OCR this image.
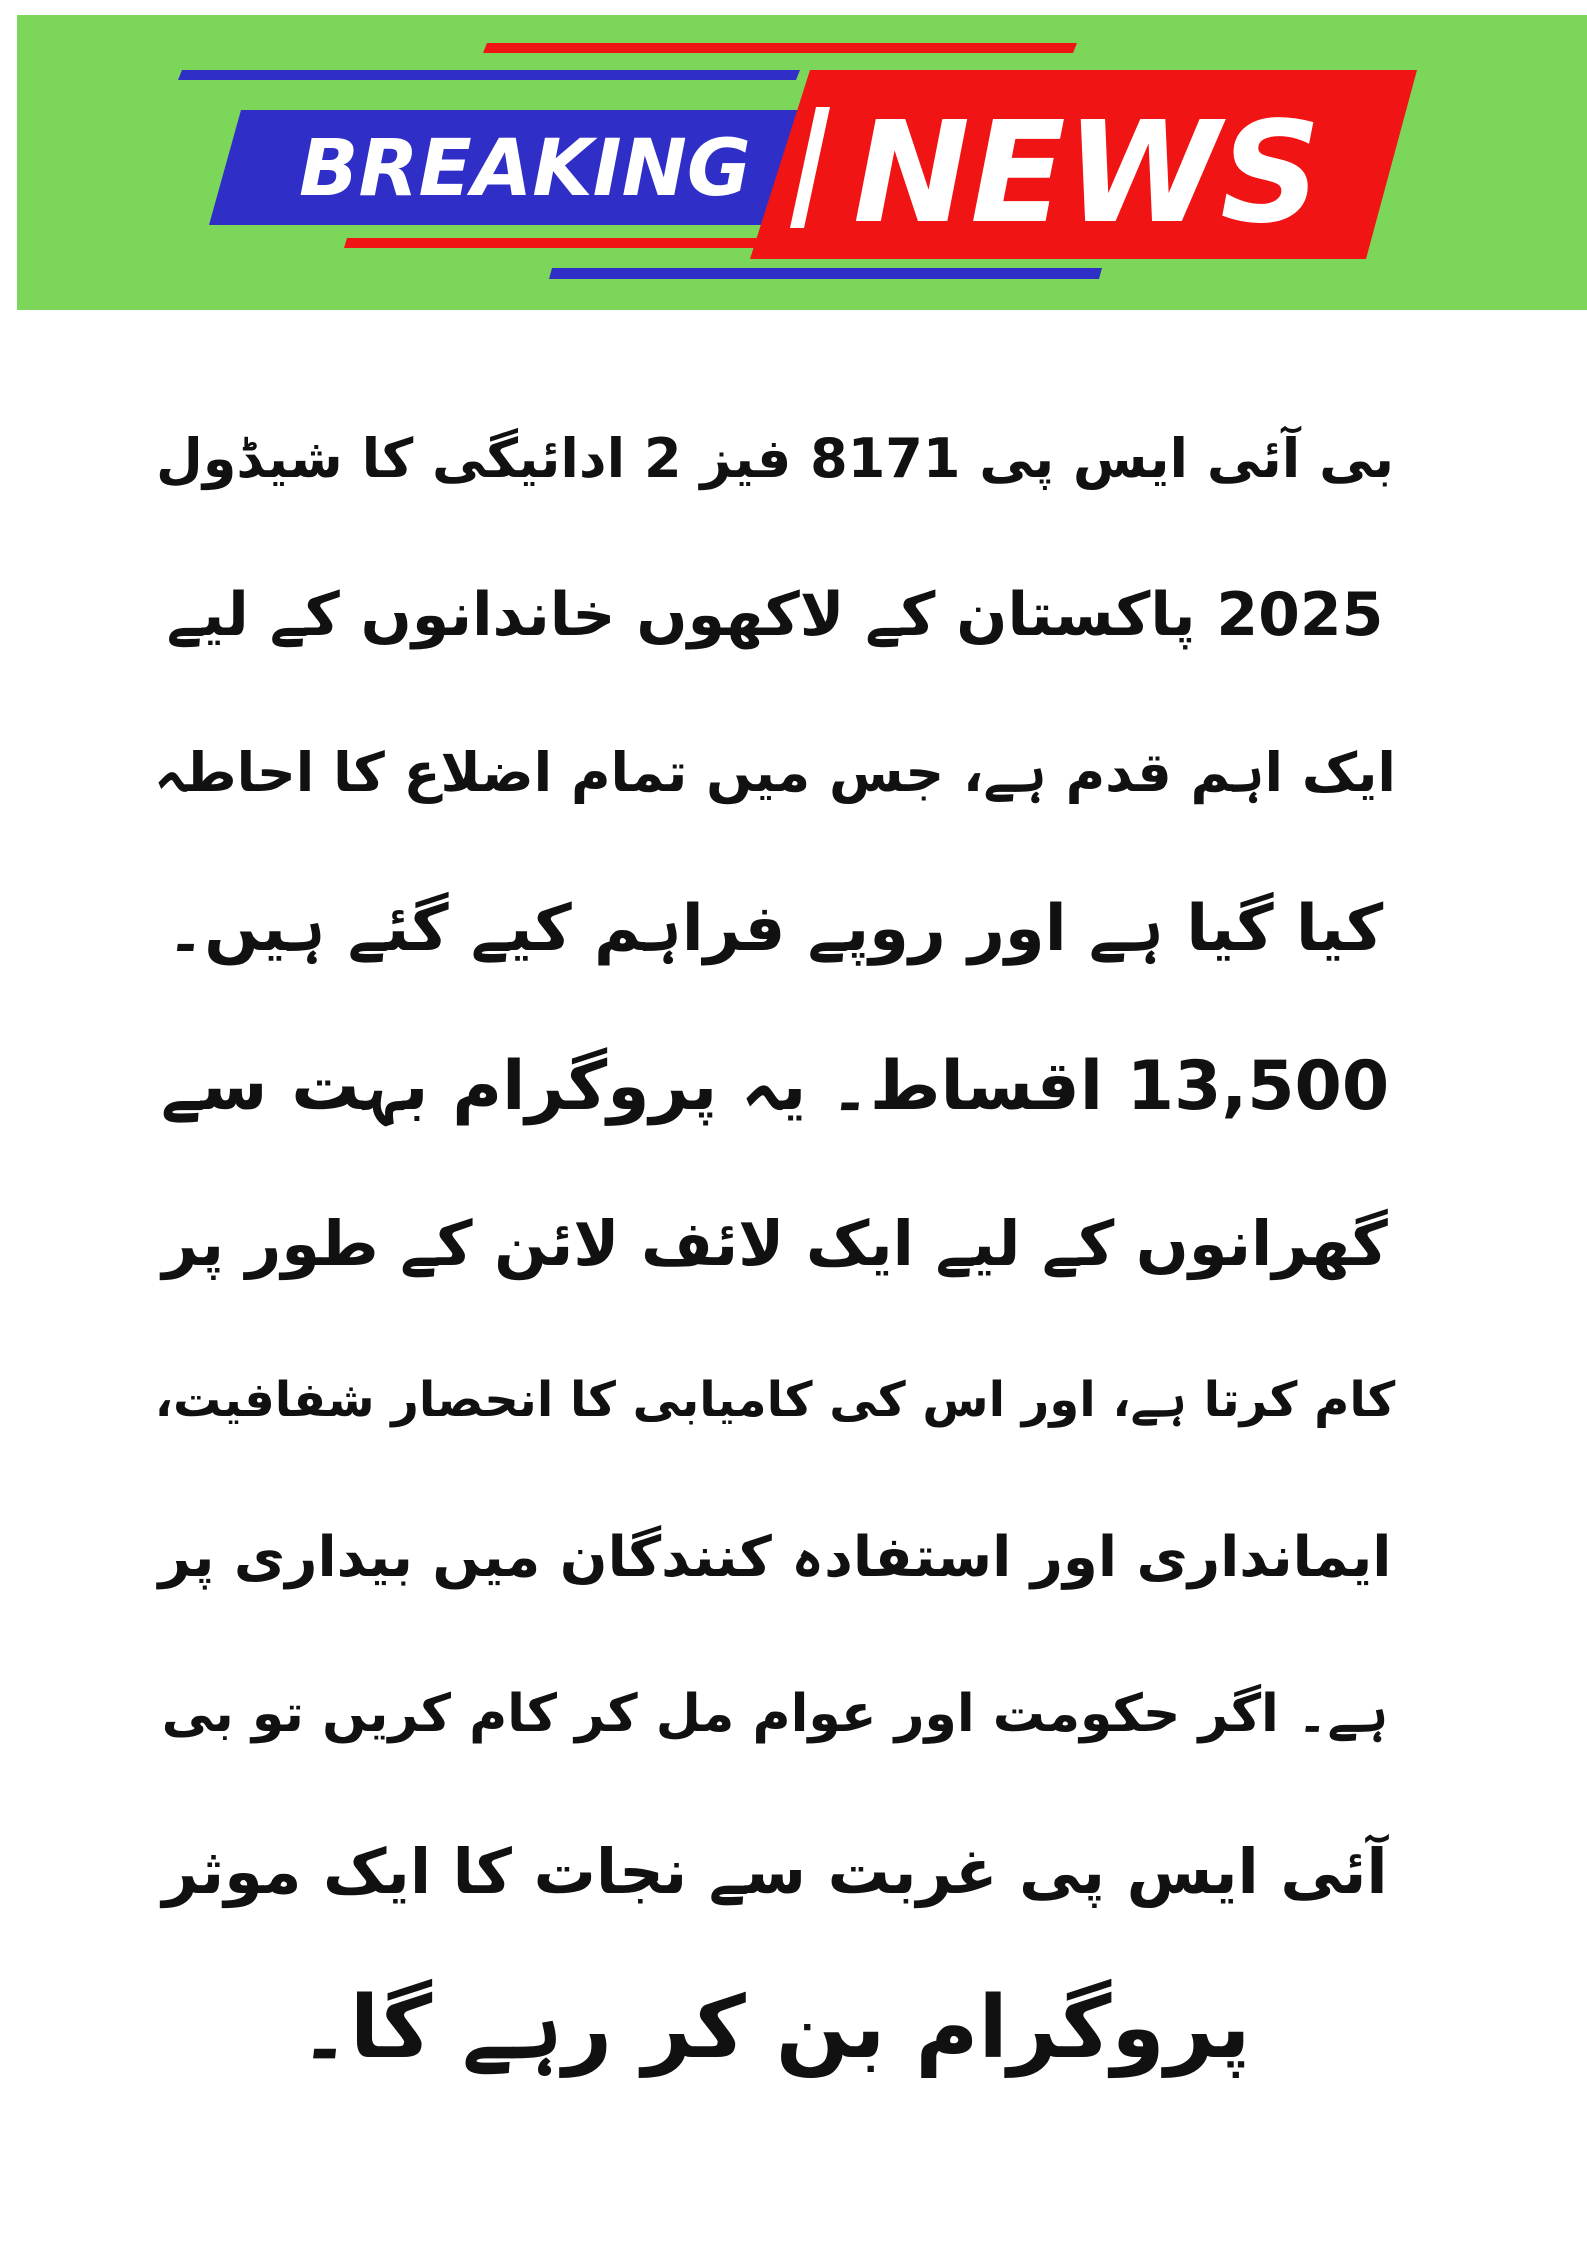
BREAKING NEWS
بی آئی ایس پی 8171 فیز 2 ادائیگی کا شیڈول
2025 پاکستان کے لاکھوں خاندانوں کے لیے
ایک اہم قدم ہے، جس میں تمام اضلاع کا احاطہ
کیا گیا ہے اور روپے فراہم کیے گئے ہیں۔
13,500 اقساط۔ یہ پروگرام بہت سے
گھرانوں کے لیے ایک لائف لائن کے طور پر
کام کرتا ہے، اور اس کی کامیابی کا انحصار شفافیت،
ایمانداری اور استفادہ کنندگان میں بیداری پر
ہے۔ اگر حکومت اور عوام مل کر کام کریں تو بی
آئی ایس پی غربت سے نجات کا ایک موثر
پروگرام بن کر رہے گا۔
